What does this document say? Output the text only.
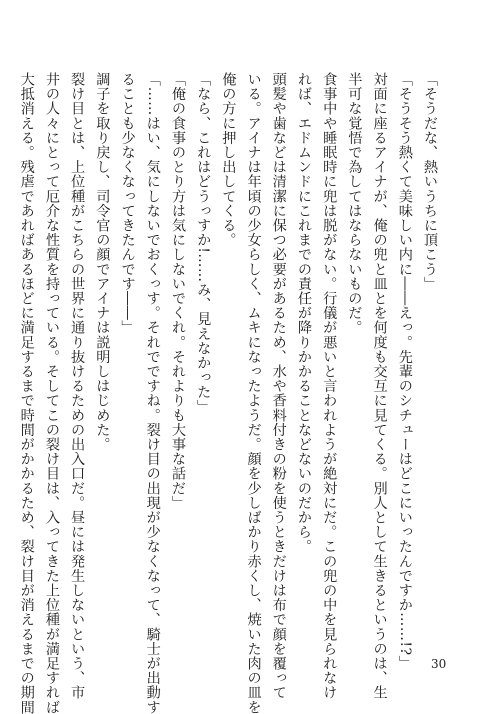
「そうだな、熱いうちに頂こう」
「そうそう熱くて美味しい内に――えっ。先輩のシチューはどこにいったんですか……!?」
対面に座るアイナが、俺の兜と皿とを何度も交互に見てくる。別人として生きるというのは、生
半可な覚悟で為してはならないものだ。
食事中や睡眠時に兜は脱がない。行儀が悪いと言われようが絶対にだ。この兜の中を見られなけ
れば、エドムンドにこれまでの責任が降りかかることなどないのだから。
頭髪や歯などは清潔に保つ必要があるため、水や香料付きの粉を使うときだけは布で顔を覆って
いる。アイナは年頃の少女らしく、ムキになったようだ。顔を少しばかり赤くし、焼いた肉の皿を
俺の方に押し出してくる。
「なら、これはどうっすか!……み、見えなかった」
「俺の食事のとり方は気にしないでくれ。それよりも大事な話だ」
「……はい、気にしないでおくっす。それでですね。裂け目の出現が少なくなって、騎士が出動す
ることも少なくなってきたんです――」
調子を取り戻し、司令官の顔でアイナは説明しはじめた。
裂け目とは、上位種がこちらの世界に通り抜けるための出入口だ。昼には発生しないという、市
井の人々にとって厄介な性質を持っている。そしてこの裂け目は、入ってきた上位種が満足すれば
大抵消える。残虐であればあるほどに満足するまで時間がかかるため、裂け目が消えるまでの期間	30
